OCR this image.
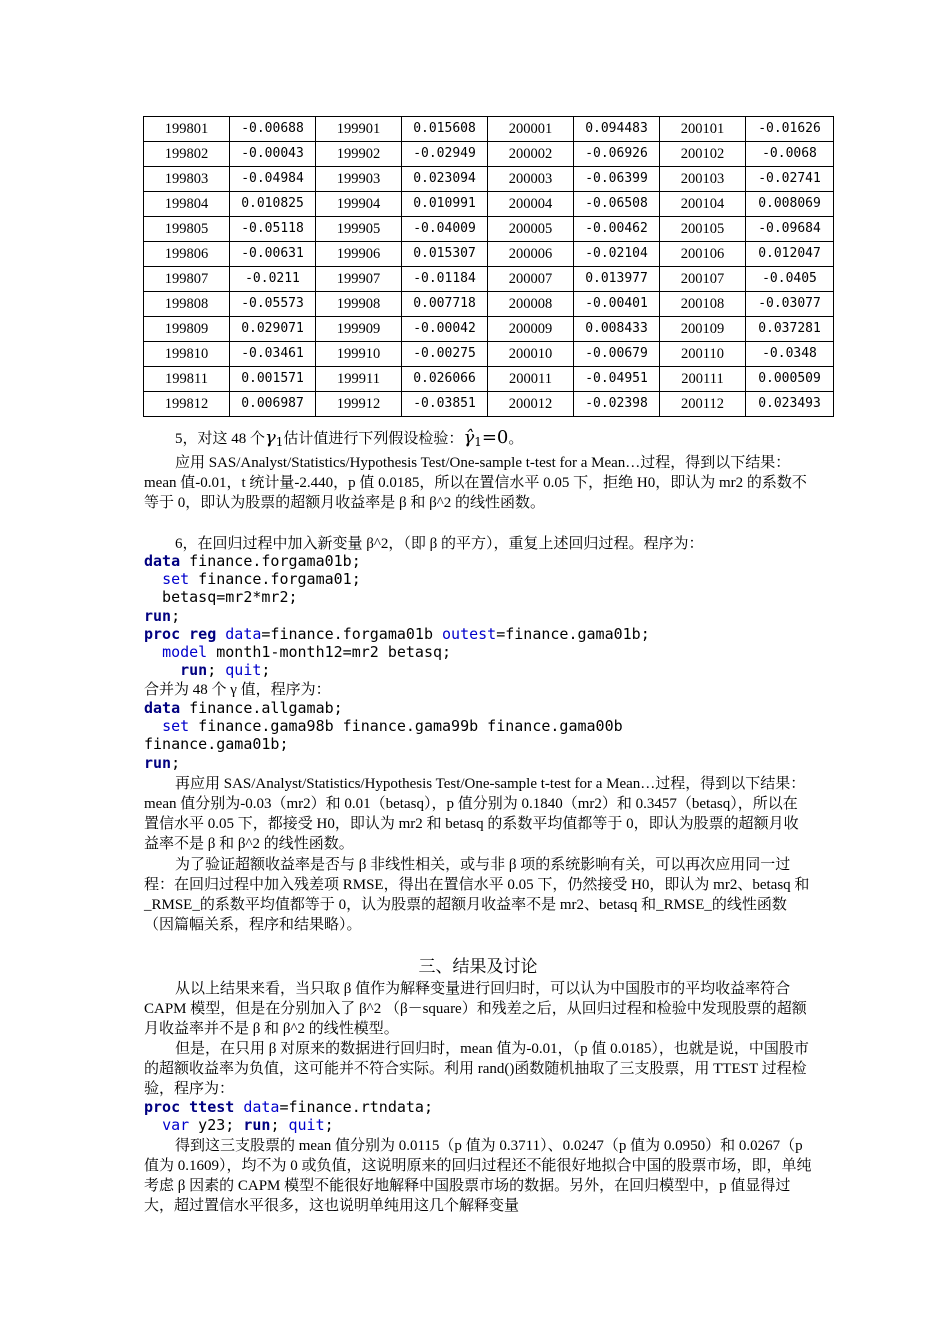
199801	-0.00688	199901	0.015608	200001	0.094483	200101	-0.01626
199802	-0.00043	199902	-0.02949	200002	-0.06926	200102	-0.0068
199803	-0.04984	199903	0.023094	200003	-0.06399	200103	-0.02741
199804	0.010825	199904	0.010991	200004	-0.06508	200104	0.008069
199805	-0.05118	199905	-0.04009	200005	-0.00462	200105	-0.09684
199806	-0.00631	199906	0.015307	200006	-0.02104	200106	0.012047
199807	-0.0211	199907	-0.01184	200007	0.013977	200107	-0.0405
199808	-0.05573	199908	0.007718	200008	-0.00401	200108	-0.03077
199809	0.029071	199909	-0.00042	200009	0.008433	200109	0.037281
199810	-0.03461	199910	-0.00275	200010	-0.00679	200110	-0.0348
199811	0.001571	199911	0.026066	200011	-0.04951	200111	0.000509
199812	0.006987	199912	-0.03851	200012	-0.02398	200112	0.023493
5，对这 48 个$\gamma_1$估计值进行下列假设检验：$\gammâ_1=0$。
应用 SAS/Analyst/Statistics/Hypothesis Test/One-sample t-test for a Mean…过程，得到以下结果：mean 值-0.01，t 统计量-2.440，p 值 0.0185，所以在置信水平 0.05 下，拒绝 H0，即认为 mr2 的系数不等于 0，即认为股票的超额月收益率是 β 和 β^2 的线性函数。
6，在回归过程中加入新变量 β^2，（即 β 的平方），重复上述回归过程。程序为：
data finance.forgama01b;
set finance.forgama01;
betasq=mr2*mr2;
run;
proc reg data=finance.forgama01b outest=finance.gama01b;
model month1-month12=mr2 betasq;
run; quit;
合并为 48 个 γ 值，程序为：
data finance.allgamab;
set finance.gama98b finance.gama99b finance.gama00b
finance.gama01b;
run;
再应用 SAS/Analyst/Statistics/Hypothesis Test/One-sample t-test for a Mean…过程，得到以下结果：mean 值分别为-0.03（mr2）和 0.01（betasq），p 值分别为 0.1840（mr2）和 0.3457（betasq），所以在置信水平 0.05 下，都接受 H0，即认为 mr2 和 betasq 的系数平均值都等于 0，即认为股票的超额月收益率不是 β 和 β^2 的线性函数。
为了验证超额收益率是否与 β 非线性相关，或与非 β 项的系统影响有关，可以再次应用同一过程：在回归过程中加入残差项 RMSE，得出在置信水平 0.05 下，仍然接受 H0，即认为 mr2、betasq 和_RMSE_的系数平均值都等于 0，认为股票的超额月收益率不是 mr2、betasq 和_RMSE_的线性函数（因篇幅关系，程序和结果略）。
三、结果及讨论
从以上结果来看，当只取 β 值作为解释变量进行回归时，可以认为中国股市的平均收益率符合 CAPM 模型，但是在分别加入了 β^2 （β－square）和残差之后，从回归过程和检验中发现股票的超额月收益率并不是 β 和 β^2 的线性模型。
但是，在只用 β 对原来的数据进行回归时，mean 值为-0.01，（p 值 0.0185），也就是说，中国股市的超额收益率为负值，这可能并不符合实际。利用 rand()函数随机抽取了三支股票，用 TTEST 过程检验，程序为：
proc ttest data=finance.rtndata;
var y23; run; quit;
得到这三支股票的 mean 值分别为 0.0115（p 值为 0.3711）、0.0247（p 值为 0.0950）和 0.0267（p 值为 0.1609），均不为 0 或负值，这说明原来的回归过程还不能很好地拟合中国的股票市场，即，单纯考虑 β 因素的 CAPM 模型不能很好地解释中国股票市场的数据。另外，在回归模型中，p 值显得过大，超过置信水平很多，这也说明单纯用这几个解释变量
